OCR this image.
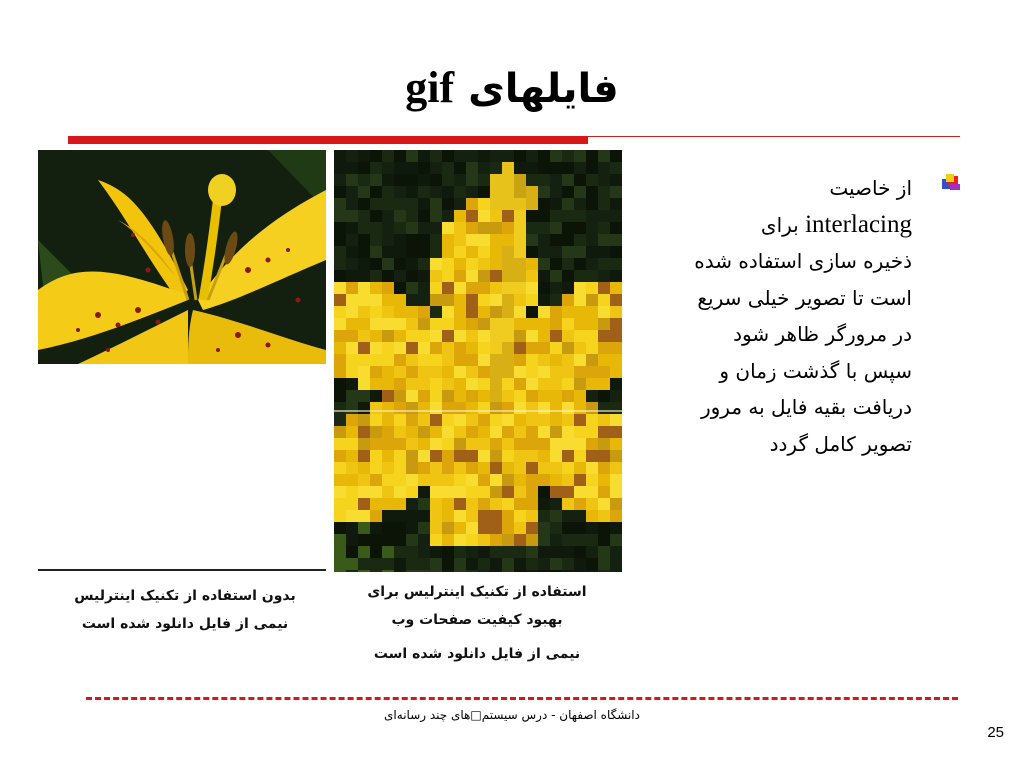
فایلهای gif
بدون استفاده از تکنیک اینترلیس
نیمی از فایل دانلود شده است
استفاده از تکنیک اینترلیس برای
بهبود کیفیت صفحات وب
نیمی از فایل دانلود شده است
از خاصیت
interlacing برای
ذخیره سازی استفاده شده
است تا تصویر خیلی سریع
در مرورگر ظاهر شود
سپس با گذشت زمان و
دریافت بقیه فایل به مرور
تصویر کامل گردد
دانشگاه اصفهان - درس سیستم□های چند رسانه‌ای
25
